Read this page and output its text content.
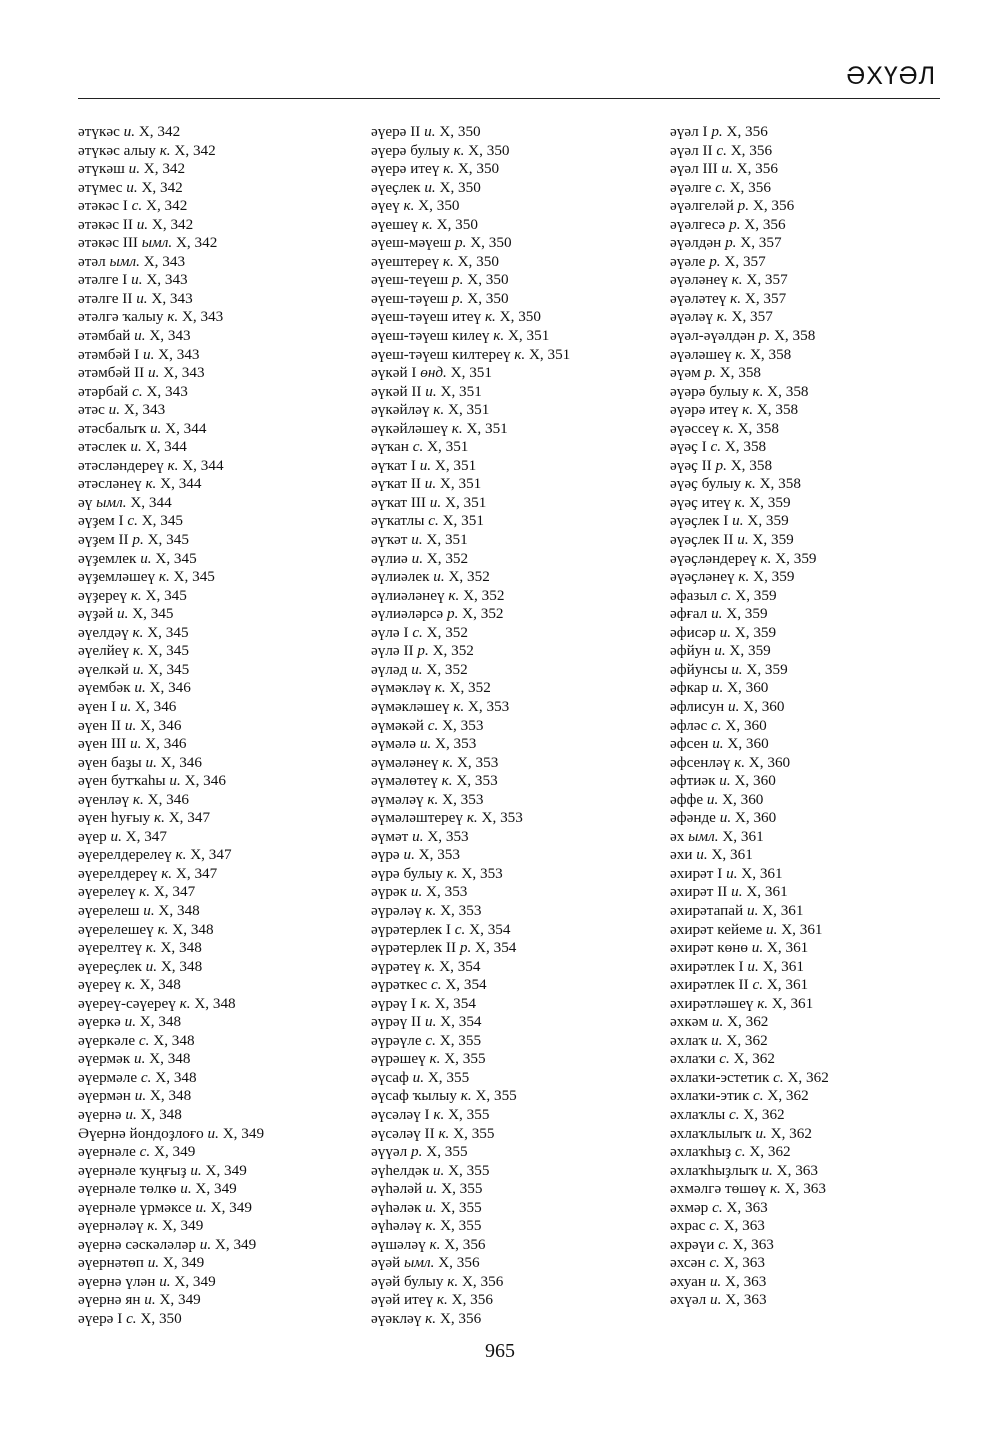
ӘХҮӘЛ
әтүкәс и. Х, 342
әтүкәс алыу к. Х, 342
әтүкәш и. Х, 342
әтүмес и. Х, 342
әтәкәс I с. Х, 342
әтәкәс II и. Х, 342
әтәкәс III ымл. Х, 342
әтәл ымл. Х, 343
әтәлге I и. Х, 343
әтәлге II и. Х, 343
әтәлгә ҡалыу к. Х, 343
әтәмбай и. Х, 343
әтәмбәй I и. Х, 343
әтәмбәй II и. Х, 343
әтәрбай с. Х, 343
әтәс и. Х, 343
әтәсбалыҡ и. Х, 344
әтәслек и. Х, 344
әтәсләндереү к. Х, 344
әтәсләнеү к. Х, 344
әү ымл. Х, 344
әүҙем I с. Х, 345
әүҙем II р. Х, 345
әүҙемлек и. Х, 345
әүҙемләшеү к. Х, 345
әүҙереү к. Х, 345
әүҙәй и. Х, 345
әүелдәү к. Х, 345
әүелйеү к. Х, 345
әүелкәй и. Х, 345
әүембәк и. Х, 346
әүен I и. Х, 346
әүен II и. Х, 346
әүен III и. Х, 346
әүен баҙы и. Х, 346
әүен бутҡаһы и. Х, 346
әүенләү к. Х, 346
әүен һуғыу к. Х, 347
әүер и. Х, 347
әүерелдерелеү к. Х, 347
әүерелдереү к. Х, 347
әүерелеү к. Х, 347
әүерелеш и. Х, 348
әүерелешеү к. Х, 348
әүерелтеү к. Х, 348
әүереҫлек и. Х, 348
әүереү к. Х, 348
әүереү-сәүереү к. Х, 348
әүеркә и. Х, 348
әүеркәле с. Х, 348
әүермәк и. Х, 348
әүермәле с. Х, 348
әүермән и. Х, 348
әүернә и. Х, 348
Әүернә йондоҙлоғо и. Х, 349
әүернәле с. Х, 349
әүернәле ҡуңғыҙ и. Х, 349
әүернәле төлкө и. Х, 349
әүернәле үрмәксе и. Х, 349
әүернәләү к. Х, 349
әүернә сәскәләләр и. Х, 349
әүернәтөп и. Х, 349
әүернә үлән и. Х, 349
әүернә ян и. Х, 349
әүерә I с. Х, 350
әүерә II и. Х, 350
әүерә булыу к. Х, 350
әүерә итеү к. Х, 350
әүеҫлек и. Х, 350
әүеү к. Х, 350
әүешеү к. Х, 350
әүеш-мәүеш р. Х, 350
әүештереү к. Х, 350
әүеш-теүеш р. Х, 350
әүеш-тәүеш р. Х, 350
әүеш-тәүеш итеү к. Х, 350
әүеш-тәүеш килеү к. Х, 351
әүеш-тәүеш килтереү к. Х, 351
әүкәй I өнд. Х, 351
әүкәй II и. Х, 351
әүкәйләү к. Х, 351
әүкәйләшеү к. Х, 351
әүҡан с. Х, 351
әүҡат I и. Х, 351
әүҡат II и. Х, 351
әүҡат III и. Х, 351
әүҡатлы с. Х, 351
әүҡәт и. Х, 351
әүлиә и. Х, 352
әүлиәлек и. Х, 352
әүлиәләнеү к. Х, 352
әүлиәләрсә р. Х, 352
әүлә I с. Х, 352
әүлә II р. Х, 352
әүләд и. Х, 352
әүмәкләү к. Х, 352
әүмәкләшеү к. Х, 353
әүмәкәй с. Х, 353
әүмәлә и. Х, 353
әүмәләнеү к. Х, 353
әүмәлөтеү к. Х, 353
әүмәләү к. Х, 353
әүмәләштереү к. Х, 353
әүмәт и. Х, 353
әүрә и. Х, 353
әүрә булыу к. Х, 353
әүрәк и. Х, 353
әүрәләү к. Х, 353
әүрәтерлек I с. Х, 354
әүрәтерлек II р. Х, 354
әүрәтеү к. Х, 354
әүрәткес с. Х, 354
әүрәү I к. Х, 354
әүрәү II и. Х, 354
әүрәүле с. Х, 355
әүрәшеү к. Х, 355
әүсаф и. Х, 355
әүсаф ҡылыу к. Х, 355
әүсәләү I к. Х, 355
әүсәләү II к. Х, 355
әүүәл р. Х, 355
әүһелдәк и. Х, 355
әүһәләй и. Х, 355
әүһәләк и. Х, 355
әүһәләү к. Х, 355
әүшәләү к. Х, 356
әүәй ымл. Х, 356
әүәй булыу к. Х, 356
әүәй итеү к. Х, 356
әүәкләү к. Х, 356
әүәл I р. Х, 356
әүәл II с. Х, 356
әүәл III и. Х, 356
әүәлге с. Х, 356
әүәлгеләй р. Х, 356
әүәлгесә р. Х, 356
әүәлдән р. Х, 357
әүәле р. Х, 357
әүәләнеү к. Х, 357
әүәләтеү к. Х, 357
әүәләү к. Х, 357
әүәл-әүәлдән р. Х, 358
әүәләшеү к. Х, 358
әүәм р. Х, 358
әүәрә булыу к. Х, 358
әүәрә итеү к. Х, 358
әүәссеү к. Х, 358
әүәҫ I с. Х, 358
әүәҫ II р. Х, 358
әүәҫ булыу к. Х, 358
әүәҫ итеү к. Х, 359
әүәҫлек I и. Х, 359
әүәҫлек II и. Х, 359
әүәҫләндереү к. Х, 359
әүәҫләнеү к. Х, 359
әфазыл с. Х, 359
әфғал и. Х, 359
әфисәр и. Х, 359
әфйун и. Х, 359
әфйунсы и. Х, 359
әфкар и. Х, 360
әфлисун и. Х, 360
әфләс с. Х, 360
әфсен и. Х, 360
әфсенләү к. Х, 360
әфтиәк и. Х, 360
әффе и. Х, 360
әфәнде и. Х, 360
әх ымл. Х, 361
әхи и. Х, 361
әхирәт I и. Х, 361
әхирәт II и. Х, 361
әхирәтапай и. Х, 361
әхирәт кейеме и. Х, 361
әхирәт көнө и. Х, 361
әхирәтлек I и. Х, 361
әхирәтлек II с. Х, 361
әхирәтләшеү к. Х, 361
әхкәм и. Х, 362
әхлаҡ и. Х, 362
әхлаҡи с. Х, 362
әхлаҡи-эстетик с. Х, 362
әхлаҡи-этик с. Х, 362
әхлаҡлы с. Х, 362
әхлаҡлылыҡ и. Х, 362
әхлаҡһыҙ с. Х, 362
әхлаҡһыҙлыҡ и. Х, 363
әхмәлгә төшөү к. Х, 363
әхмәр с. Х, 363
әхрас с. Х, 363
әхрәүи с. Х, 363
әхсән с. Х, 363
әхуан и. Х, 363
әхүәл и. Х, 363
965
